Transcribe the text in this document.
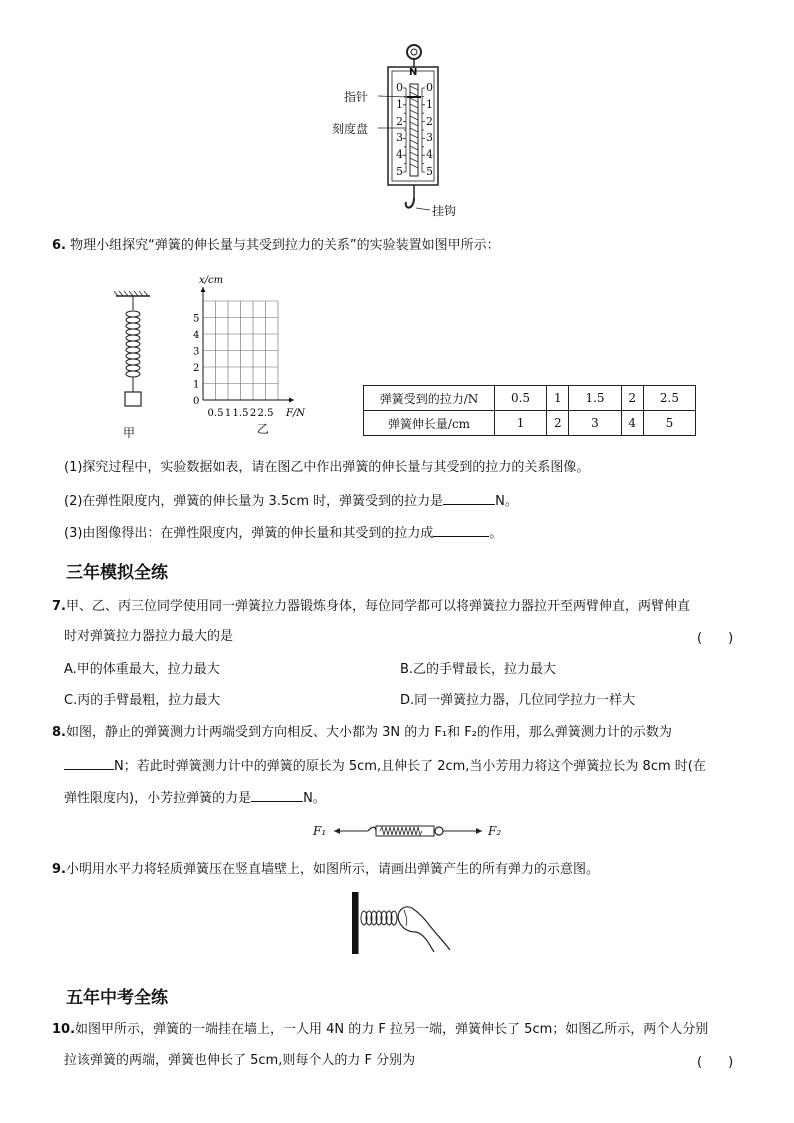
N
0
1
2
3
4
5
0
1
2
3
4
5
指针
刻度盘
挂钩
6. 物理小组探究“弹簧的伸长量与其受到拉力的关系”的实验装置如图甲所示：
甲
0
0.5 1 1.5 2 2.5
1
2
3
4
5
F/N
x/cm
乙
弹簧受到的拉力/N	0.5	1	1.5	2	2.5
弹簧伸长量/cm	1	2	3	4	5
(1)探究过程中，实验数据如表，请在图乙中作出弹簧的伸长量与其受到的拉力的关系图像。
(2)在弹性限度内，弹簧的伸长量为 3.5cm 时，弹簧受到的拉力是	N。
(3)由图像得出：在弹性限度内，弹簧的伸长量和其受到的拉力成	。
三年模拟全练
7.甲、乙、丙三位同学使用同一弹簧拉力器锻炼身体，每位同学都可以将弹簧拉力器拉开至两臂伸直，两臂伸直
时对弹簧拉力器拉力最大的是	(　　)
A.甲的体重最大，拉力最大	B.乙的手臂最长，拉力最大
C.丙的手臂最粗，拉力最大	D.同一弹簧拉力器，几位同学拉力一样大
8.如图，静止的弹簧测力计两端受到方向相反、大小都为 3N 的力 F₁和 F₂的作用，那么弹簧测力计的示数为
N；若此时弹簧测力计中的弹簧的原长为 5cm,且伸长了 2cm,当小芳用力将这个弹簧拉长为 8cm 时(在
弹性限度内)，小芳拉弹簧的力是	N。
F₁	F₂
9.小明用水平力将轻质弹簧压在竖直墙壁上，如图所示，请画出弹簧产生的所有弹力的示意图。
五年中考全练
10.如图甲所示，弹簧的一端挂在墙上，一人用 4N 的力 F 拉另一端，弹簧伸长了 5cm；如图乙所示，两个人分别
拉该弹簧的两端，弹簧也伸长了 5cm,则每个人的力 F 分别为	(　　)
